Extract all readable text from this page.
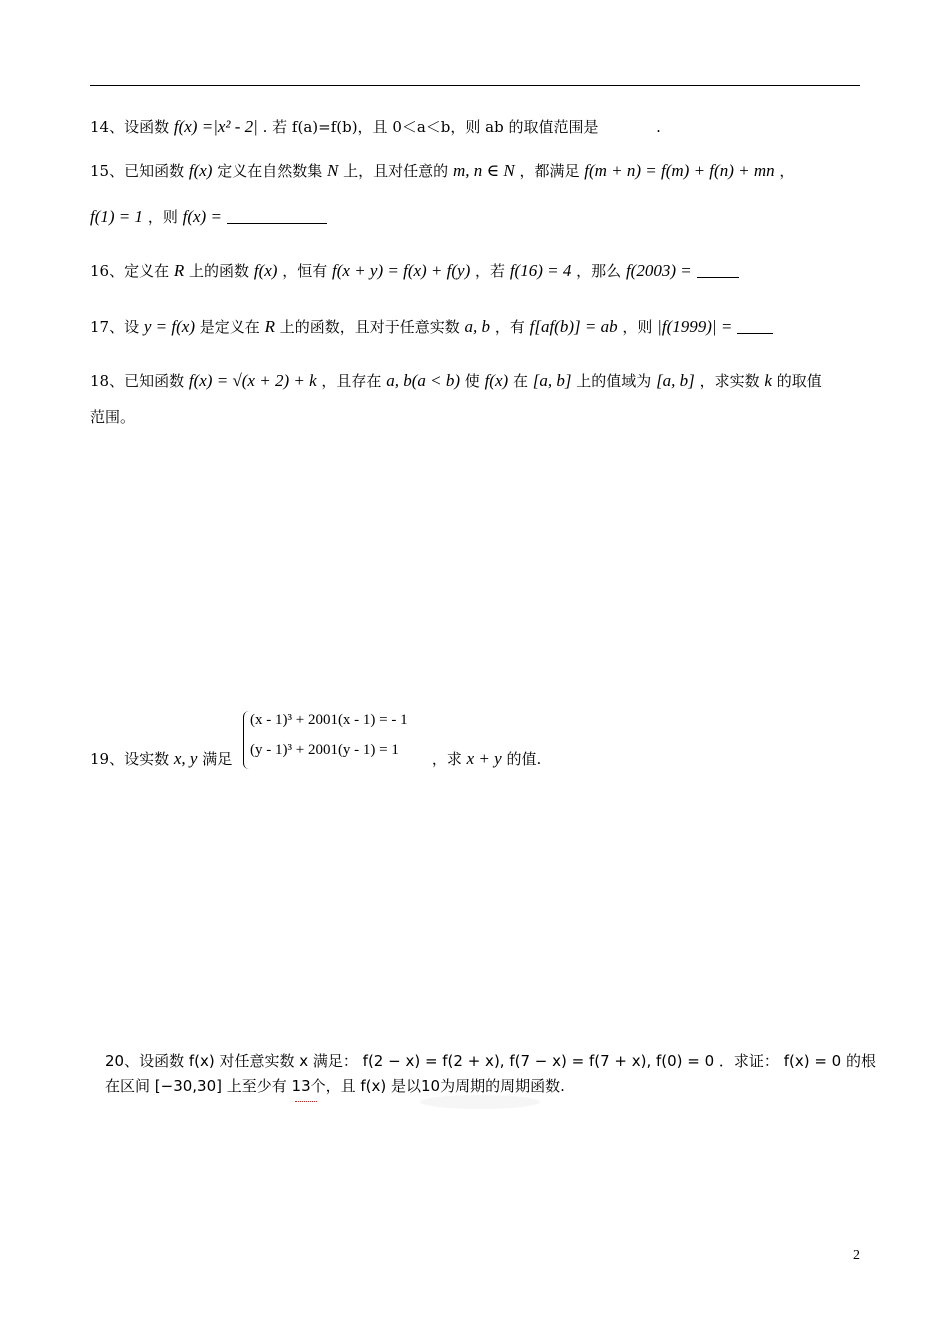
14、设函数 f(x) =|x² - 2| . 若 f(a)=f(b)，且 0＜a＜b，则 ab 的取值范围是	.
15、已知函数 f(x) 定义在自然数集 N 上，且对任意的 m, n ∈ N ，都满足 f(m + n) = f(m) + f(n) + mn ，
f(1) = 1 ，则 f(x) =
16、定义在 R 上的函数 f(x) ，恒有 f(x + y) = f(x) + f(y) ，若 f(16) = 4 ，那么 f(2003) =
17、设 y = f(x) 是定义在 R 上的函数，且对于任意实数 a, b ，有 f[af(b)] = ab ，则 |f(1999)| =
18、已知函数 f(x) = √(x + 2) + k ，且存在 a, b(a < b) 使 f(x) 在 [a, b] 上的值域为 [a, b] ，求实数 k 的取值
范围。
(x - 1)³ + 2001(x - 1) = - 1
(y - 1)³ + 2001(y - 1) = 1
19、设实数 x, y 满足	，求 x + y 的值.
20、设函数 f(x) 对任意实数 x 满足： f(2 − x) = f(2 + x), f(7 − x) = f(7 + x), f(0) = 0 ．求证： f(x) = 0 的根
在区间 [−30,30] 上至少有 13个，且 f(x) 是以10为周期的周期函数.
2
